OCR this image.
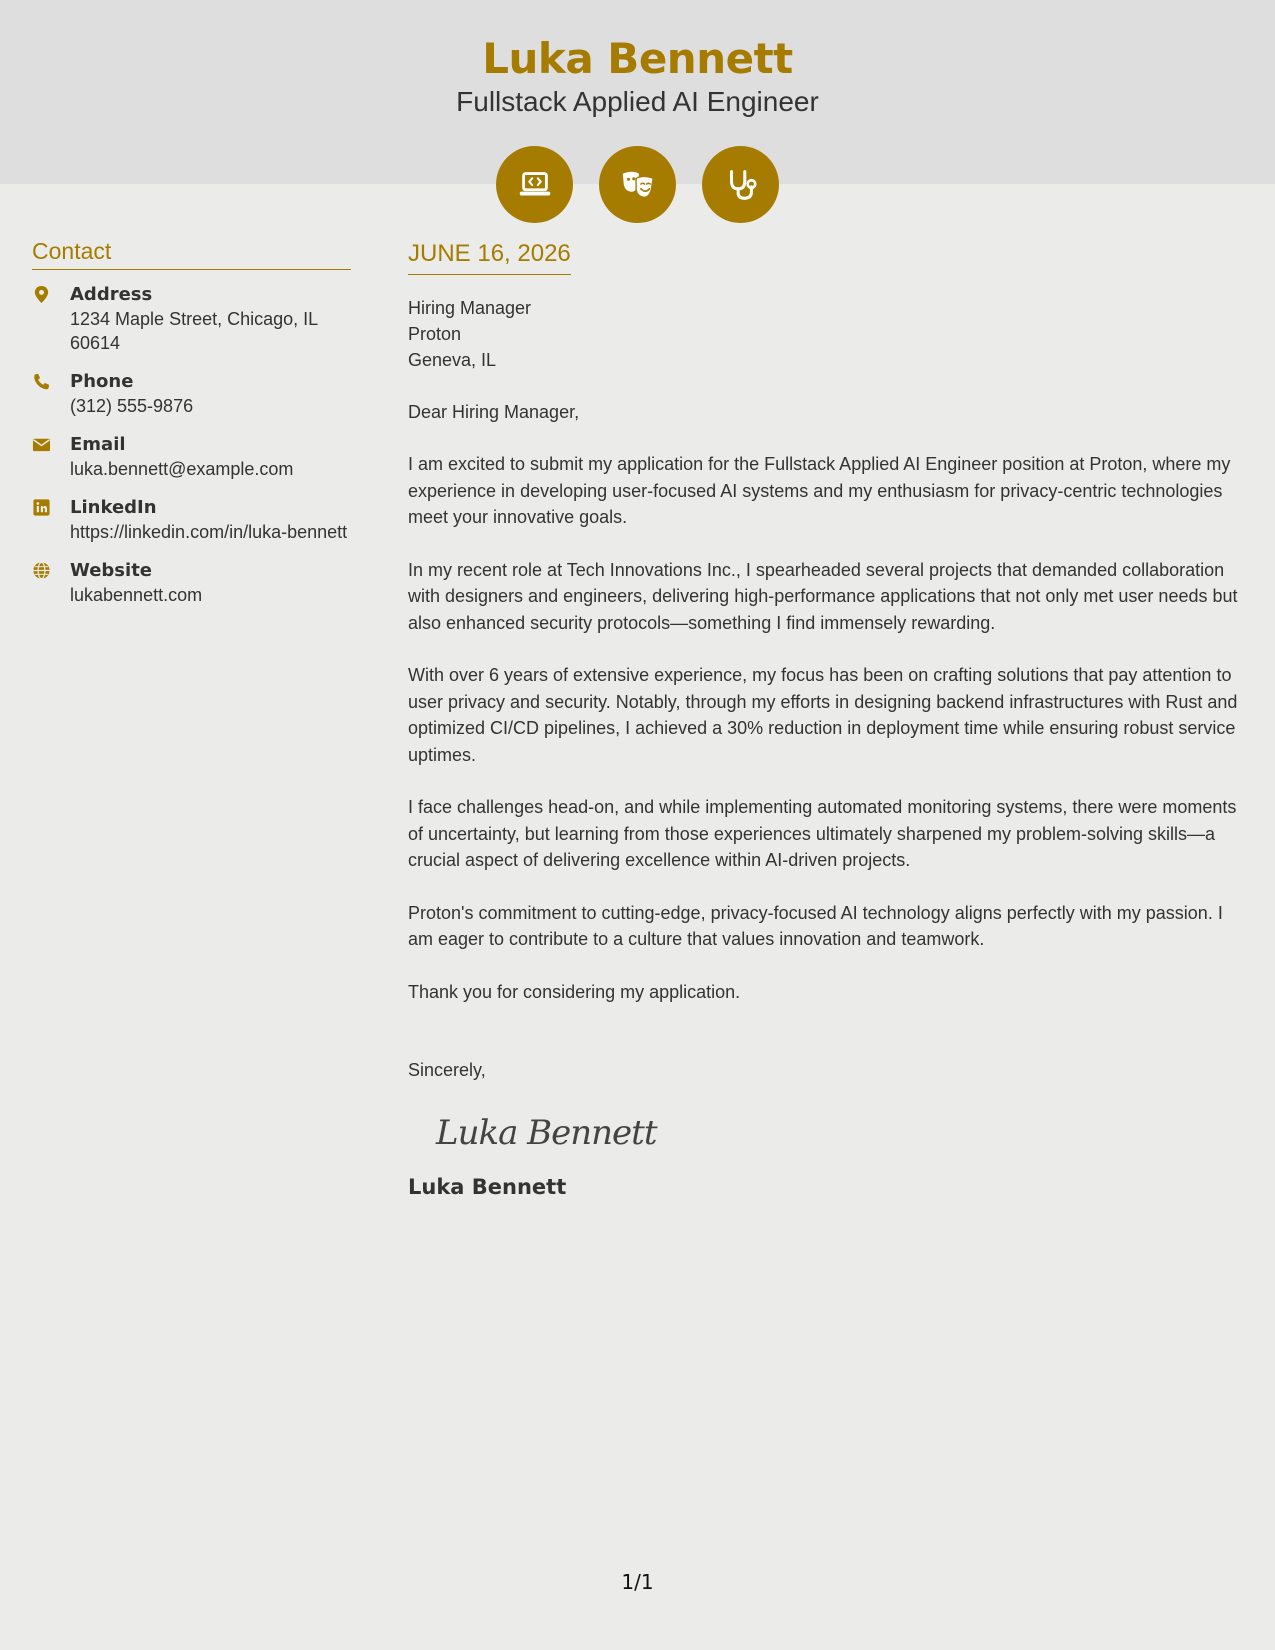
Luka Bennett
Fullstack Applied AI Engineer
Contact
Address
1234 Maple Street, Chicago, IL 60614
Phone
(312) 555-9876
Email
luka.bennett@example.com
LinkedIn
https://linkedin.com/in/luka-bennett
Website
lukabennett.com
JUNE 16, 2026
Hiring Manager
Proton
Geneva, IL
Dear Hiring Manager,
I am excited to submit my application for the Fullstack Applied AI Engineer position at Proton, where my experience in developing user-focused AI systems and my enthusiasm for privacy-centric technologies meet your innovative goals.
In my recent role at Tech Innovations Inc., I spearheaded several projects that demanded collaboration with designers and engineers, delivering high-performance applications that not only met user needs but also enhanced security protocols—something I find immensely rewarding.
With over 6 years of extensive experience, my focus has been on crafting solutions that pay attention to user privacy and security. Notably, through my efforts in designing backend infrastructures with Rust and optimized CI/CD pipelines, I achieved a 30% reduction in deployment time while ensuring robust service uptimes.
I face challenges head-on, and while implementing automated monitoring systems, there were moments of uncertainty, but learning from those experiences ultimately sharpened my problem-solving skills—a crucial aspect of delivering excellence within AI-driven projects.
Proton's commitment to cutting-edge, privacy-focused AI technology aligns perfectly with my passion. I am eager to contribute to a culture that values innovation and teamwork.
Thank you for considering my application.
Sincerely,
Luka Bennett
Luka Bennett
1/1
